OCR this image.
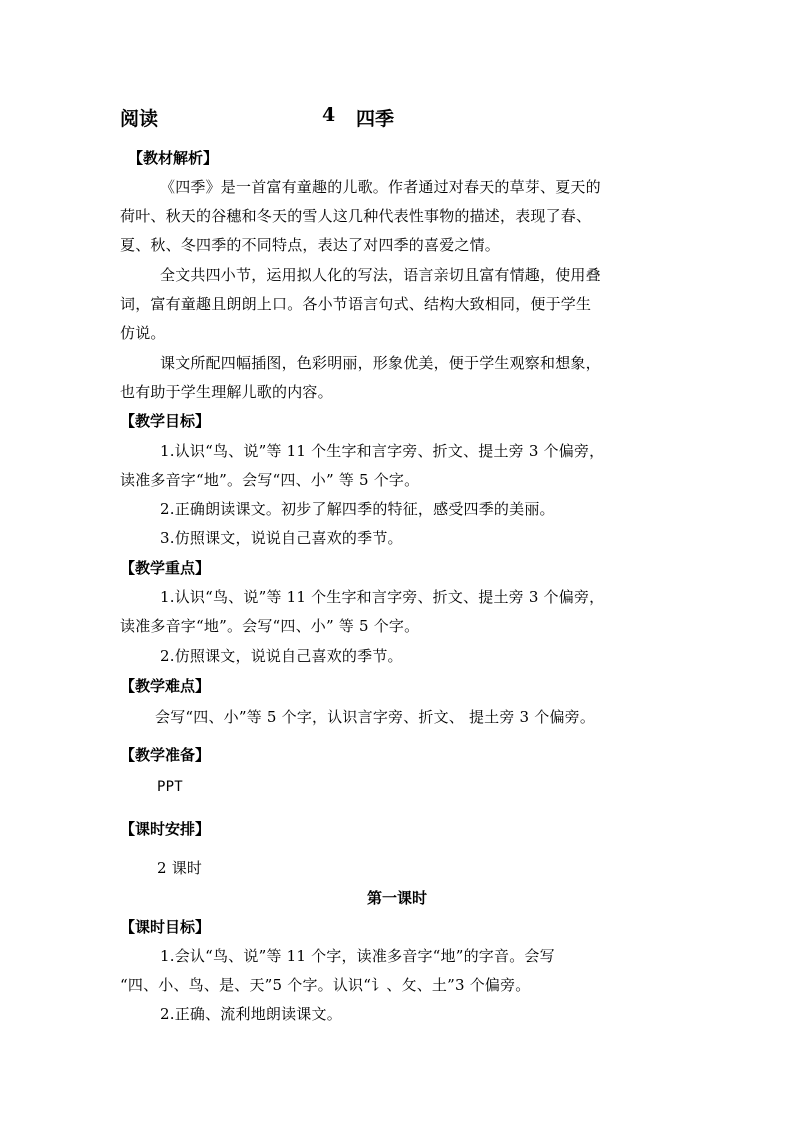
阅读	4 四季
【教材解析】
《四季》是一首富有童趣的儿歌。作者通过对春天的草芽、夏天的
荷叶、秋天的谷穗和冬天的雪人这几种代表性事物的描述，表现了春、
夏、秋、冬四季的不同特点，表达了对四季的喜爱之情。
全文共四小节，运用拟人化的写法，语言亲切且富有情趣，使用叠
词，富有童趣且朗朗上口。各小节语言句式、结构大致相同，便于学生
仿说。
课文所配四幅插图，色彩明丽，形象优美，便于学生观察和想象，
也有助于学生理解儿歌的内容。
【教学目标】
1.认识“鸟、说”等 11 个生字和言字旁、折文、提土旁 3 个偏旁，
读准多音字“地”。会写“四、小” 等 5 个字。
2.正确朗读课文。初步了解四季的特征，感受四季的美丽。
3.仿照课文，说说自己喜欢的季节。
【教学重点】
1.认识“鸟、说”等 11 个生字和言字旁、折文、提土旁 3 个偏旁，
读准多音字“地”。会写“四、小” 等 5 个字。
2.仿照课文，说说自己喜欢的季节。
【教学难点】
会写“四、小”等 5 个字，认识言字旁、折文、 提土旁 3 个偏旁。
【教学准备】
PPT
【课时安排】
2 课时
第一课时
【课时目标】
1.会认“鸟、说”等 11 个字，读准多音字“地”的字音。会写
“四、小、鸟、是、天”5 个字。认识“讠、攵、土”3 个偏旁。
2.正确、流利地朗读课文。
